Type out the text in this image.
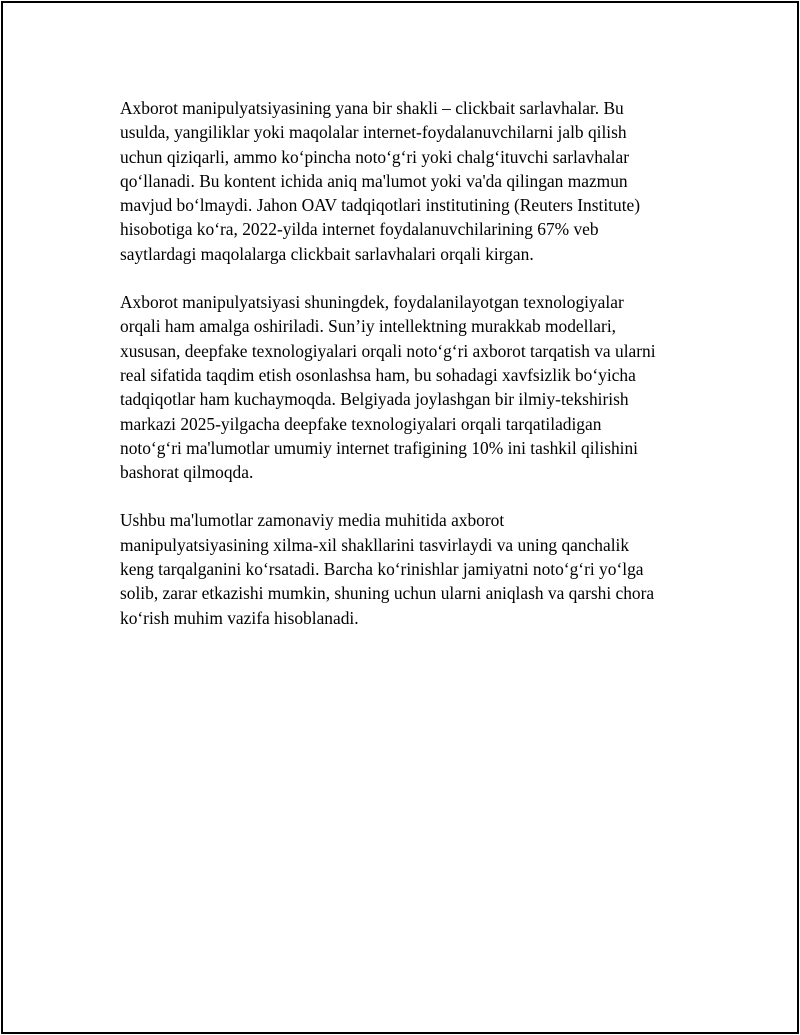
Axborot manipulyatsiyasining yana bir shakli – clickbait sarlavhalar. Bu
usulda, yangiliklar yoki maqolalar internet-foydalanuvchilarni jalb qilish
uchun qiziqarli, ammo ko‘pincha noto‘g‘ri yoki chalg‘ituvchi sarlavhalar
qo‘llanadi. Bu kontent ichida aniq ma'lumot yoki va'da qilingan mazmun
mavjud bo‘lmaydi. Jahon OAV tadqiqotlari institutining (Reuters Institute)
hisobotiga ko‘ra, 2022-yilda internet foydalanuvchilarining 67% veb
saytlardagi maqolalarga clickbait sarlavhalari orqali kirgan.

Axborot manipulyatsiyasi shuningdek, foydalanilayotgan texnologiyalar
orqali ham amalga oshiriladi. Sun’iy intellektning murakkab modellari,
xususan, deepfake texnologiyalari orqali noto‘g‘ri axborot tarqatish va ularni
real sifatida taqdim etish osonlashsa ham, bu sohadagi xavfsizlik bo‘yicha
tadqiqotlar ham kuchaymoqda. Belgiyada joylashgan bir ilmiy-tekshirish
markazi 2025-yilgacha deepfake texnologiyalari orqali tarqatiladigan
noto‘g‘ri ma'lumotlar umumiy internet trafigining 10% ini tashkil qilishini
bashorat qilmoqda.

Ushbu ma'lumotlar zamonaviy media muhitida axborot
manipulyatsiyasining xilma-xil shakllarini tasvirlaydi va uning qanchalik
keng tarqalganini ko‘rsatadi. Barcha ko‘rinishlar jamiyatni noto‘g‘ri yo‘lga
solib, zarar etkazishi mumkin, shuning uchun ularni aniqlash va qarshi chora
ko‘rish muhim vazifa hisoblanadi.
